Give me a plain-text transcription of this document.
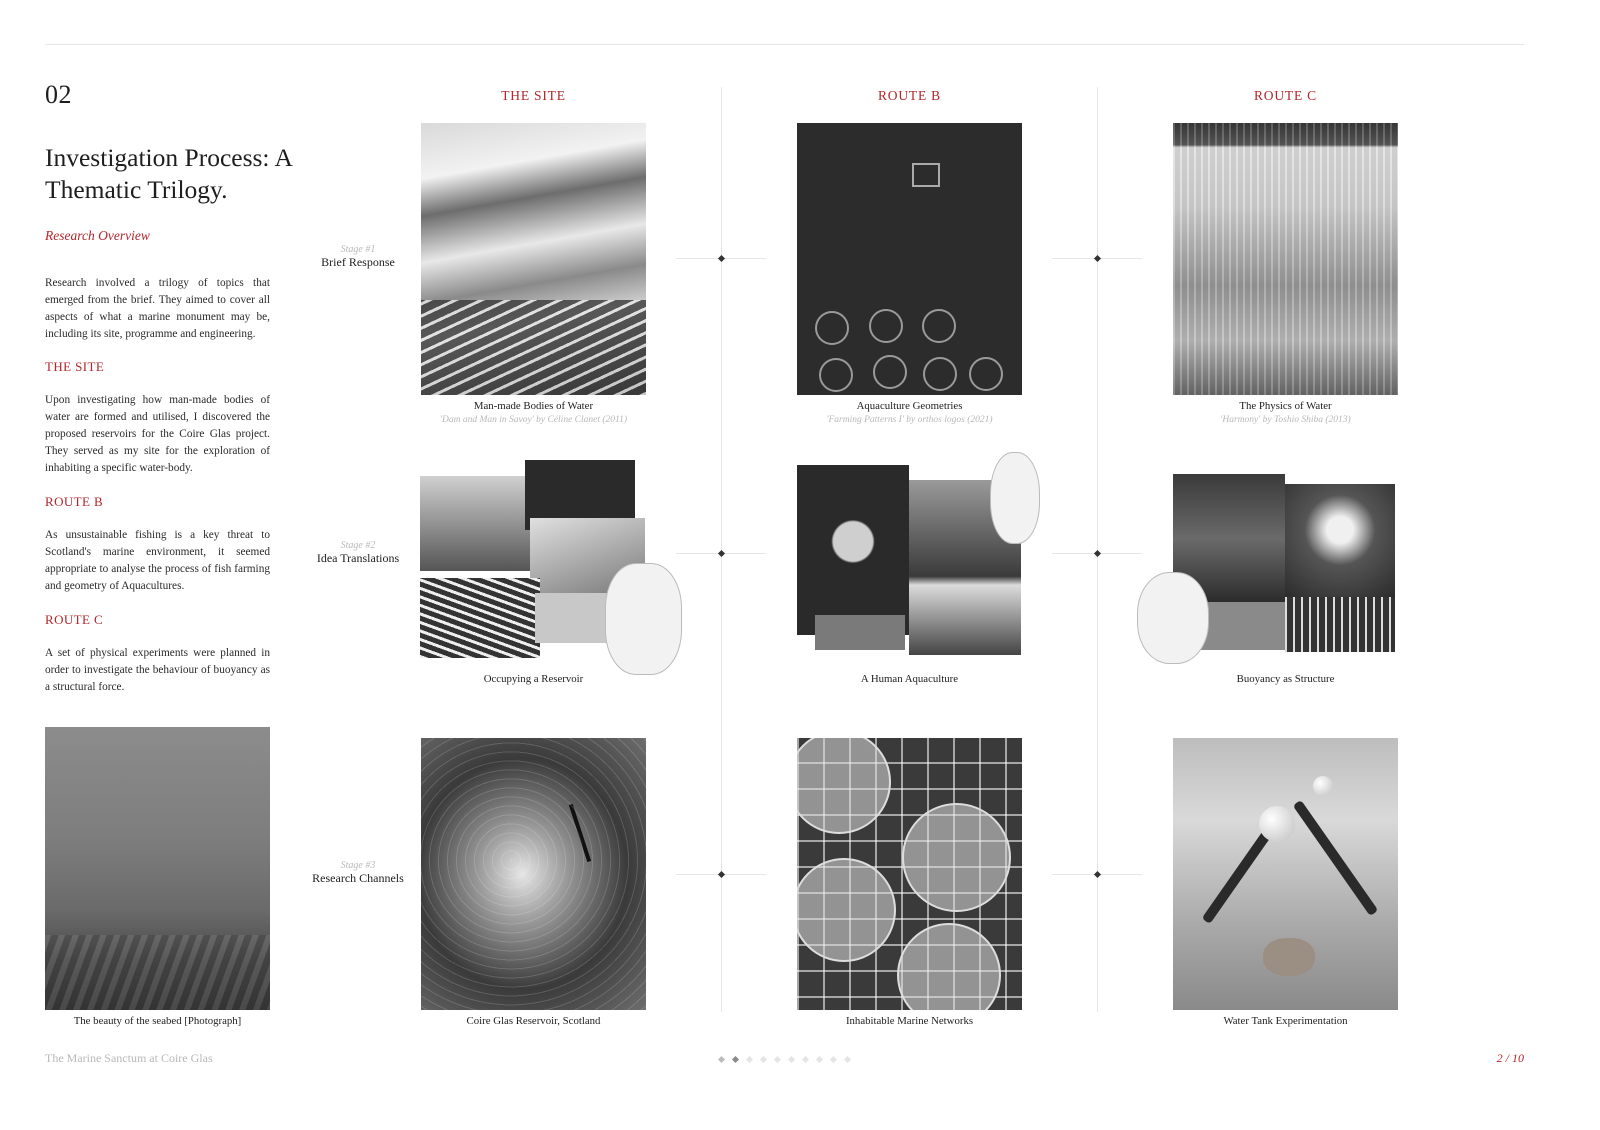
02
Investigation Process: A Thematic Trilogy.
Research Overview
Research involved a trilogy of topics that emerged from the brief. They aimed to cover all aspects of what a marine monument may be, including its site, programme and engineering.
THE SITE
Upon investigating how man-made bodies of water are formed and utilised, I discovered the proposed reservoirs for the Coire Glas project. They served as my site for the exploration of inhabiting a specific water-body.
ROUTE B
As unsustainable fishing is a key threat to Scotland's marine environment, it seemed appropriate to analyse the process of fish farming and geometry of Aquacultures.
ROUTE C
A set of physical experiments were planned in order to investigate the behaviour of buoyancy as a structural force.
The beauty of the seabed [Photograph]
Stage #1
Brief Response
Stage #2
Idea Translations
Stage #3
Research Channels
THE SITE	ROUTE B	ROUTE C
Man-made Bodies of Water
'Dam and Man in Savoy' by Céline Clanet (2011)
Aquaculture Geometries
'Farming Patterns I' by orthos logos (2021)
The Physics of Water
'Harmony' by Toshio Shiba (2013)
Occupying a Reservoir	A Human Aquaculture	Buoyancy as Structure
Coire Glas Reservoir, Scotland	Inhabitable Marine Networks	Water Tank Experimentation
The Marine Sanctum at Coire Glas	2 / 10
